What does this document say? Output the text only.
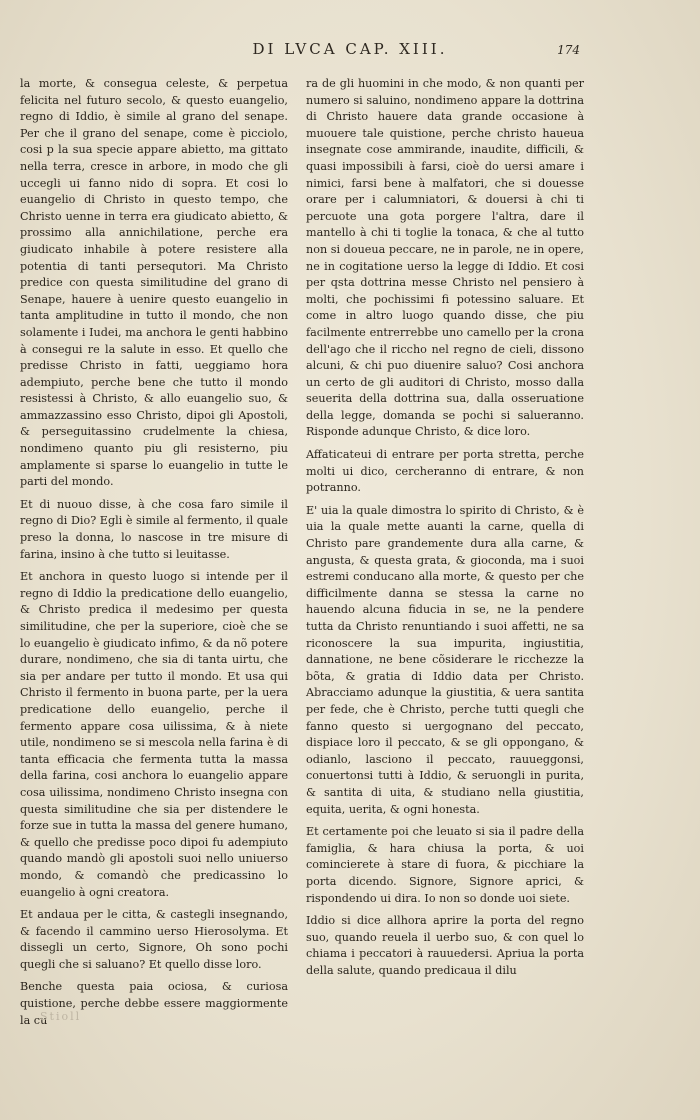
DI LVCA CAP. XIII.	174

la morte, & consegua celeste, & perpetua felicita nel futuro secolo, & questo euangelio, regno di Iddio, è simile al grano del senape. Per che il grano del senape, come è picciolo, cosi p la sua specie appare abietto, ma gittato nella terra, cresce in arbore, in modo che gli uccegli ui fanno nido di sopra. Et cosi lo euangelio di Christo in questo tempo, che Christo uenne in terra era giudicato abietto, & prossimo alla annichilatione, perche era giudicato inhabile à potere resistere alla potentia di tanti persequtori. Ma Christo predice con questa similitudine del grano di Senape, hauere à uenire questo euangelio in tanta amplitudine in tutto il mondo, che non solamente i Iudei, ma anchora le genti habbino à consegui re la salute in esso. Et quello che predisse Christo in fatti, ueggiamo hora adempiuto, perche bene che tutto il mondo resistessi à Christo, & allo euangelio suo, & ammazzassino esso Christo, dipoi gli Apostoli, & perseguitassino crudelmente la chiesa, nondimeno quanto piu gli resisterno, piu amplamente si sparse lo euangelio in tutte le parti del mondo.

Et di nuouo disse, à che cosa faro simile il regno di Dio? Egli è simile al fermento, il quale preso la donna, lo nascose in tre misure di farina, insino à che tutto si leuitasse.

Et anchora in questo luogo si intende per il regno di Iddio la predicatione dello euangelio, & Christo predica il medesimo per questa similitudine, che per la superiore, cioè che se lo euangelio è giudicato infimo, & da nõ potere durare, nondimeno, che sia di tanta uirtu, che sia per andare per tutto il mondo. Et usa qui Christo il fermento in buona parte, per la uera predicatione dello euangelio, perche il fermento appare cosa uilissima, & à niete utile, nondimeno se si mescola nella farina è di tanta efficacia che fermenta tutta la massa della farina, cosi anchora lo euangelio appare cosa uilissima, nondimeno Christo insegna con questa similitudine che sia per distendere le forze sue in tutta la massa del genere humano, & quello che predisse poco dipoi fu adempiuto quando mandò gli apostoli suoi nello uniuerso mondo, & comandò che predicassino lo euangelio à ogni creatora.

Et andaua per le citta, & castegli insegnando, & facendo il cammino uerso Hierosolyma. Et dissegli un certo, Signore, Oh sono pochi quegli che si saluano? Et quello disse loro.

Benche questa paia ociosa, & curiosa quistione, perche debbe essere maggiormente la cu

ra de gli huomini in che modo, & non quanti per numero si saluino, nondimeno appare la dottrina di Christo hauere data grande occasione à muouere tale quistione, perche christo haueua insegnate cose ammirande, inaudite, difficili, & quasi impossibili à farsi, cioè do uersi amare i nimici, farsi bene à malfatori, che si douesse orare per i calumniatori, & douersi à chi ti percuote una gota porgere l'altra, dare il mantello à chi ti toglie la tonaca, & che al tutto non si doueua peccare, ne in parole, ne in opere, ne in cogitatione uerso la legge di Iddio. Et cosi per qsta dottrina messe Christo nel pensiero à molti, che pochissimi fi potessino saluare. Et come in altro luogo quando disse, che piu facilmente entrerrebbe uno camello per la crona dell'ago che il riccho nel regno de cieli, dissono alcuni, & chi puo diuenire saluo? Cosi anchora un certo de gli auditori di Christo, mosso dalla seuerita della dottrina sua, dalla osseruatione della legge, domanda se pochi si salueranno. Risponde adunque Christo, & dice loro.

Affaticateui di entrare per porta stretta, perche molti ui dico, cercheranno di entrare, & non potranno.

E' uia la quale dimostra lo spirito di Christo, & è uia la quale mette auanti la carne, quella di Christo pare grandemente dura alla carne, & angusta, & questa grata, & gioconda, ma i suoi estremi conducano alla morte, & questo per che difficilmente danna se stessa la carne no hauendo alcuna fiducia in se, ne la pendere tutta da Christo renuntiando i suoi affetti, ne sa riconoscere la sua impurita, ingiustitia, dannatione, ne bene cõsiderare le ricchezze la bõta, & gratia di Iddio data per Christo. Abracciamo adunque la giustitia, & uera santita per fede, che è Christo, perche tutti quegli che fanno questo si uergognano del peccato, dispiace loro il peccato, & se gli oppongano, & odianlo, lasciono il peccato, rauueggonsi, conuertonsi tutti à Iddio, & seruongli in purita, & santita di uita, & studiano nella giustitia, equita, uerita, & ogni honesta.

Et certamente poi che leuato si sia il padre della famiglia, & hara chiusa la porta, & uoi comincierete à stare di fuora, & picchiare la porta dicendo. Signore, Signore aprici, & rispondendo ui dira. Io non so donde uoi siete.

Iddio si dice allhora aprire la porta del regno suo, quando reuela il uerbo suo, & con quel lo chiama i peccatori à rauuedersi. Apriua la porta della salute, quando predicaua il dilu

Stioll
